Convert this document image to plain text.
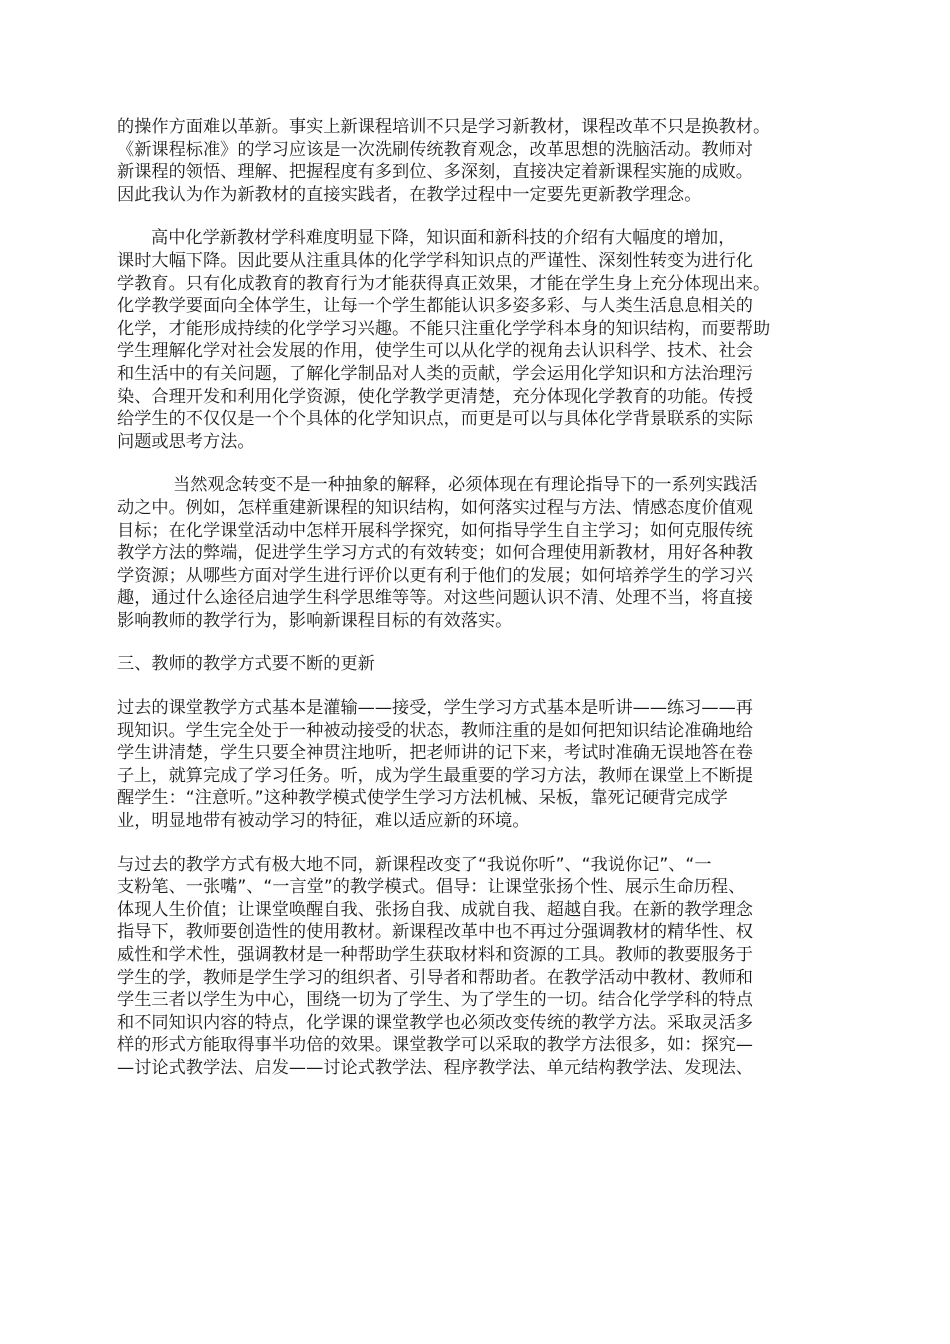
的操作方面难以革新。事实上新课程培训不只是学习新教材，课程改革不只是换教材。
《新课程标准》的学习应该是一次洗刷传统教育观念，改革思想的洗脑活动。教师对
新课程的领悟、理解、把握程度有多到位、多深刻，直接决定着新课程实施的成败。
因此我认为作为新教材的直接实践者，在教学过程中一定要先更新教学理念。

高中化学新教材学科难度明显下降，知识面和新科技的介绍有大幅度的增加，
课时大幅下降。因此要从注重具体的化学学科知识点的严谨性、深刻性转变为进行化
学教育。只有化成教育的教育行为才能获得真正效果，才能在学生身上充分体现出来。
化学教学要面向全体学生，让每一个学生都能认识多姿多彩、与人类生活息息相关的
化学，才能形成持续的化学学习兴趣。不能只注重化学学科本身的知识结构，而要帮助
学生理解化学对社会发展的作用，使学生可以从化学的视角去认识科学、技术、社会
和生活中的有关问题，了解化学制品对人类的贡献，学会运用化学知识和方法治理污
染、合理开发和利用化学资源，使化学教学更清楚，充分体现化学教育的功能。传授
给学生的不仅仅是一个个具体的化学知识点，而更是可以与具体化学背景联系的实际
问题或思考方法。

当然观念转变不是一种抽象的解释，必须体现在有理论指导下的一系列实践活
动之中。例如，怎样重建新课程的知识结构，如何落实过程与方法、情感态度价值观
目标；在化学课堂活动中怎样开展科学探究，如何指导学生自主学习；如何克服传统
教学方法的弊端，促进学生学习方式的有效转变；如何合理使用新教材，用好各种教
学资源；从哪些方面对学生进行评价以更有利于他们的发展；如何培养学生的学习兴
趣，通过什么途径启迪学生科学思维等等。对这些问题认识不清、处理不当，将直接
影响教师的教学行为，影响新课程目标的有效落实。

三、教师的教学方式要不断的更新

过去的课堂教学方式基本是灌输——接受，学生学习方式基本是听讲——练习——再
现知识。学生完全处于一种被动接受的状态，教师注重的是如何把知识结论准确地给
学生讲清楚，学生只要全神贯注地听，把老师讲的记下来，考试时准确无误地答在卷
子上，就算完成了学习任务。听，成为学生最重要的学习方法，教师在课堂上不断提
醒学生：“注意听。”这种教学模式使学生学习方法机械、呆板，靠死记硬背完成学
业，明显地带有被动学习的特征，难以适应新的环境。

与过去的教学方式有极大地不同，新课程改变了“我说你听”、“我说你记”、“一
支粉笔、一张嘴”、“一言堂”的教学模式。倡导：让课堂张扬个性、展示生命历程、
体现人生价值；让课堂唤醒自我、张扬自我、成就自我、超越自我。在新的教学理念
指导下，教师要创造性的使用教材。新课程改革中也不再过分强调教材的精华性、权
威性和学术性，强调教材是一种帮助学生获取材料和资源的工具。教师的教要服务于
学生的学，教师是学生学习的组织者、引导者和帮助者。在教学活动中教材、教师和
学生三者以学生为中心，围绕一切为了学生、为了学生的一切。结合化学学科的特点
和不同知识内容的特点，化学课的课堂教学也必须改变传统的教学方法。采取灵活多
样的形式方能取得事半功倍的效果。课堂教学可以采取的教学方法很多，如：探究—
—讨论式教学法、启发——讨论式教学法、程序教学法、单元结构教学法、发现法、
